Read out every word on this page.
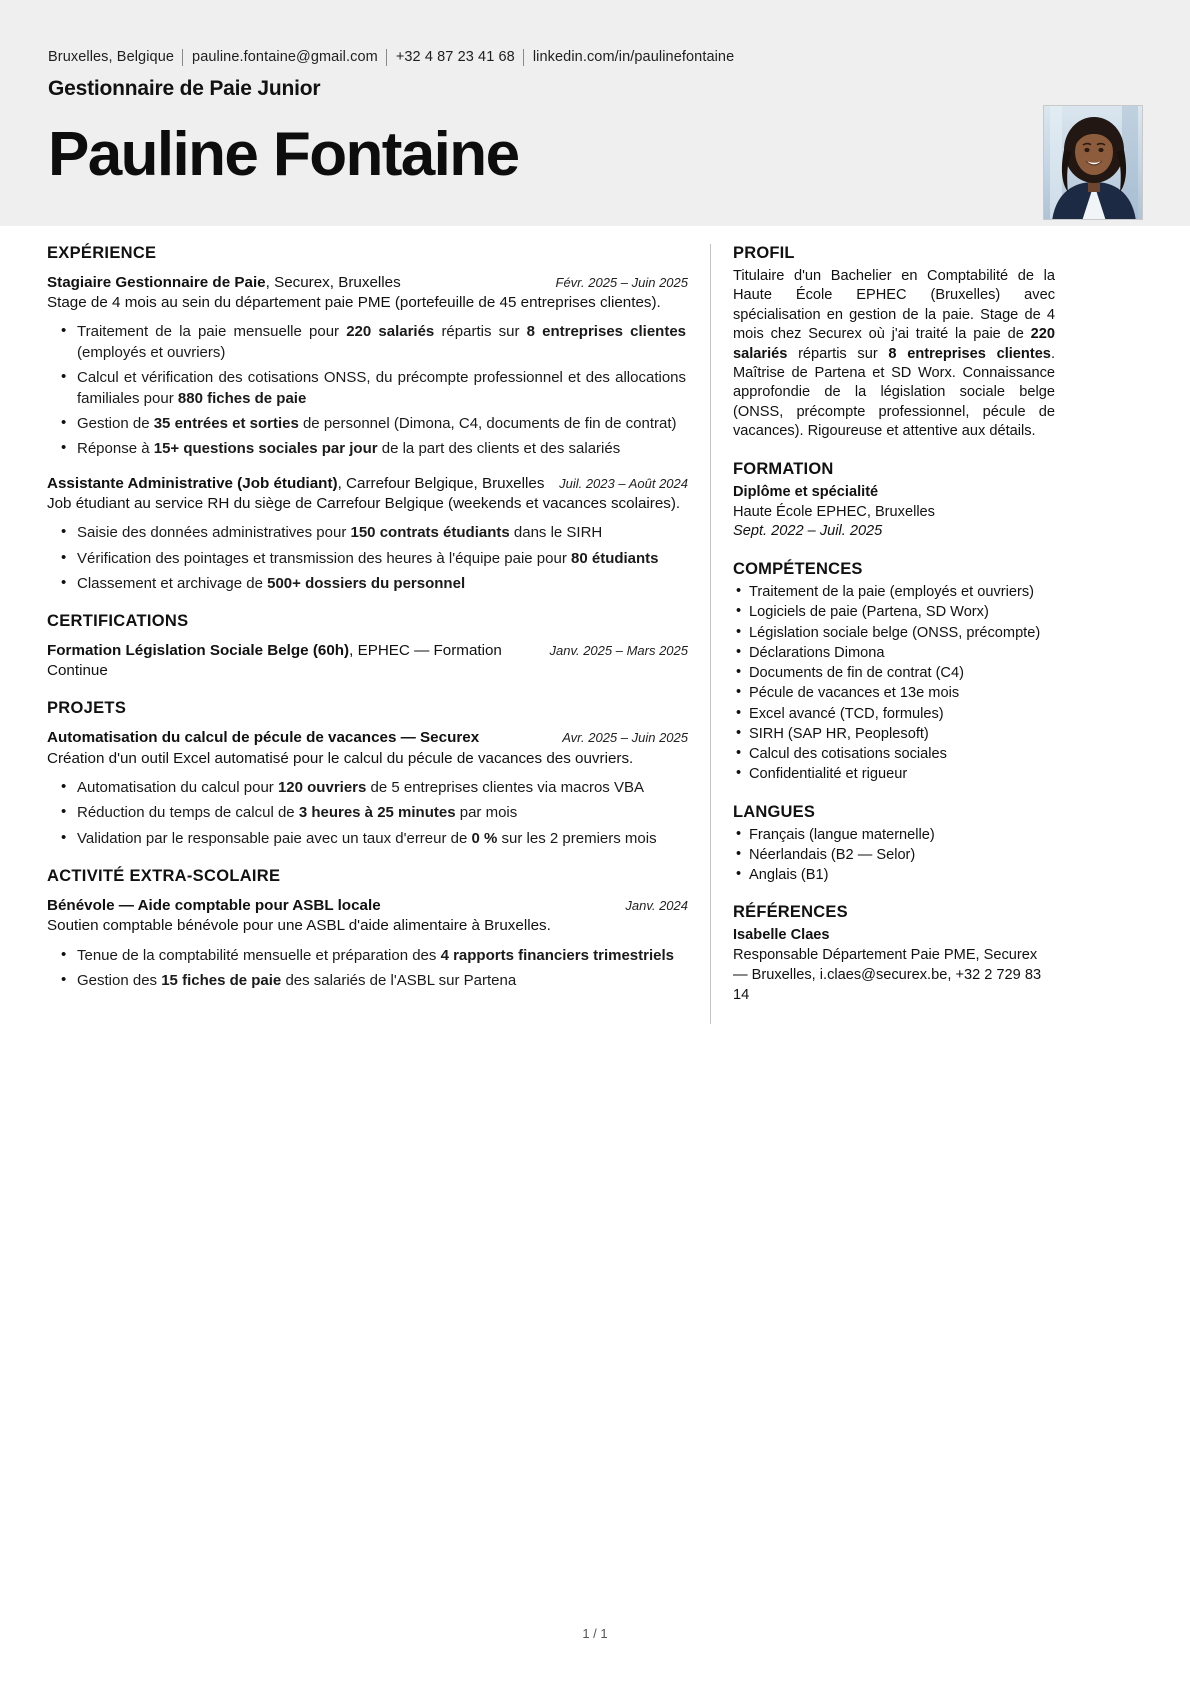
Bruxelles, Belgique	pauline.fontaine@gmail.com	+32 4 87 23 41 68	linkedin.com/in/paulinefontaine
Gestionnaire de Paie Junior
Pauline Fontaine
EXPÉRIENCE
Stagiaire Gestionnaire de Paie, Securex, Bruxelles	Févr. 2025 – Juin 2025
Stage de 4 mois au sein du département paie PME (portefeuille de 45 entreprises clientes).
• Traitement de la paie mensuelle pour 220 salariés répartis sur 8 entreprises clientes (employés et ouvriers)
• Calcul et vérification des cotisations ONSS, du précompte professionnel et des allocations familiales pour 880 fiches de paie
• Gestion de 35 entrées et sorties de personnel (Dimona, C4, documents de fin de contrat)
• Réponse à 15+ questions sociales par jour de la part des clients et des salariés
Assistante Administrative (Job étudiant), Carrefour Belgique, Bruxelles Juil. 2023 – Août 2024
Job étudiant au service RH du siège de Carrefour Belgique (weekends et vacances scolaires).
• Saisie des données administratives pour 150 contrats étudiants dans le SIRH
• Vérification des pointages et transmission des heures à l'équipe paie pour 80 étudiants
• Classement et archivage de 500+ dossiers du personnel
CERTIFICATIONS
Formation Législation Sociale Belge (60h), EPHEC — Formation Continue
Janv. 2025 – Mars 2025
PROJETS
Automatisation du calcul de pécule de vacances — Securex	Avr. 2025 – Juin 2025
Création d'un outil Excel automatisé pour le calcul du pécule de vacances des ouvriers.
• Automatisation du calcul pour 120 ouvriers de 5 entreprises clientes via macros VBA
• Réduction du temps de calcul de 3 heures à 25 minutes par mois
• Validation par le responsable paie avec un taux d'erreur de 0 % sur les 2 premiers mois
ACTIVITÉ EXTRA-SCOLAIRE
Bénévole — Aide comptable pour ASBL locale	Janv. 2024
Soutien comptable bénévole pour une ASBL d'aide alimentaire à Bruxelles.
• Tenue de la comptabilité mensuelle et préparation des 4 rapports financiers trimestriels
• Gestion des 15 fiches de paie des salariés de l'ASBL sur Partena
PROFIL
Titulaire d'un Bachelier en Comptabilité de la Haute École EPHEC (Bruxelles) avec spécialisation en gestion de la paie. Stage de 4 mois chez Securex où j'ai traité la paie de 220 salariés répartis sur 8 entreprises clientes. Maîtrise de Partena et SD Worx. Connaissance approfondie de la législation sociale belge (ONSS, précompte professionnel, pécule de vacances). Rigoureuse et attentive aux détails.
FORMATION
Diplôme et spécialité
Haute École EPHEC, Bruxelles
Sept. 2022 – Juil. 2025
COMPÉTENCES
• Traitement de la paie (employés et ouvriers)
• Logiciels de paie (Partena, SD Worx)
• Législation sociale belge (ONSS, précompte)
• Déclarations Dimona
• Documents de fin de contrat (C4)
• Pécule de vacances et 13e mois
• Excel avancé (TCD, formules)
• SIRH (SAP HR, Peoplesoft)
• Calcul des cotisations sociales
• Confidentialité et rigueur
LANGUES
• Français (langue maternelle)
• Néerlandais (B2 — Selor)
• Anglais (B1)
RÉFÉRENCES
Isabelle Claes
Responsable Département Paie PME, Securex — Bruxelles, i.claes@securex.be, +32 2 729 83 14
1 / 1
